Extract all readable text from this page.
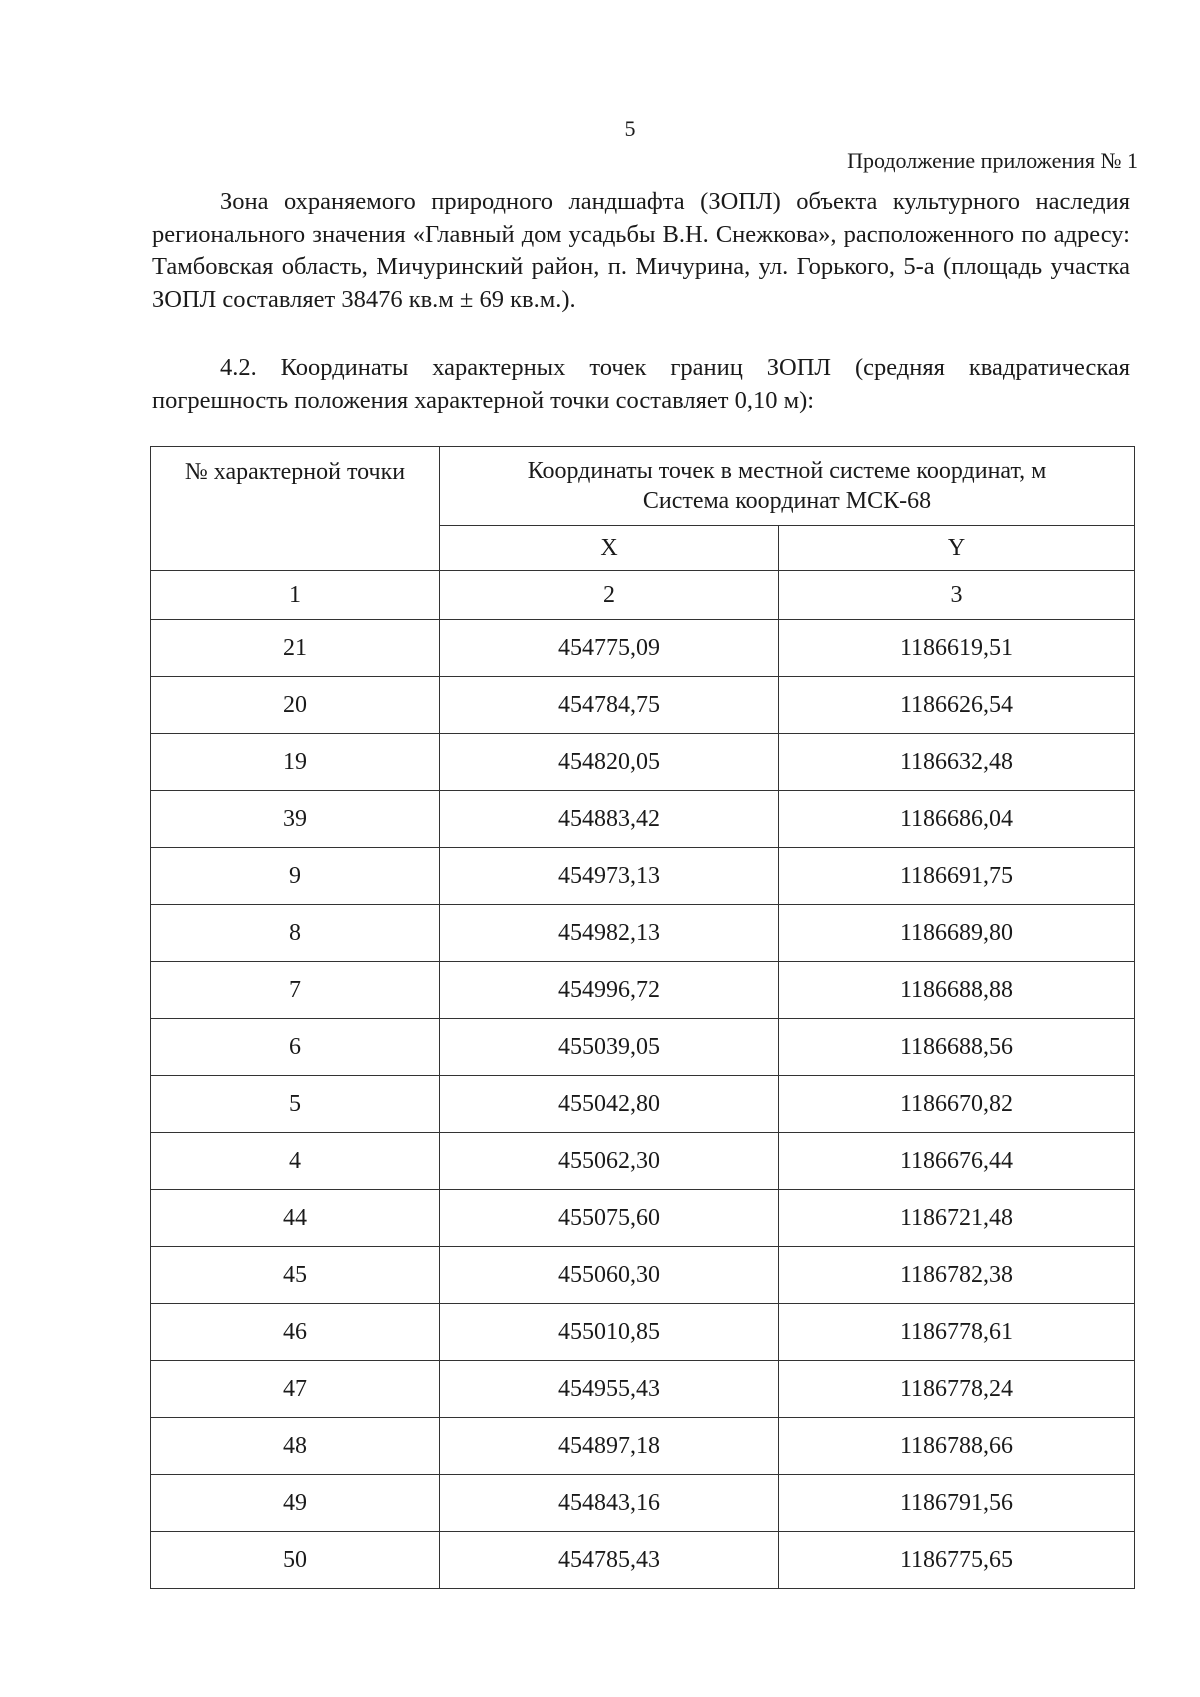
5
Продолжение приложения № 1
Зона охраняемого природного ландшафта (ЗОПЛ) объекта культурного наследия регионального значения «Главный дом усадьбы В.Н. Снежкова», расположенного по адресу: Тамбовская область, Мичуринский район, п. Мичурина, ул. Горького, 5-а (площадь участка ЗОПЛ составляет 38476 кв.м ± 69 кв.м.).
4.2. Координаты характерных точек границ ЗОПЛ (средняя квадратическая погрешность положения характерной точки составляет 0,10 м):
№ характерной точки	Координаты точек в местной системе координат, м
Система координат МСК-68	

	X	Y
1	2	3
21	454775,09	1186619,51
20	454784,75	1186626,54
19	454820,05	1186632,48
39	454883,42	1186686,04
9	454973,13	1186691,75
8	454982,13	1186689,80
7	454996,72	1186688,88
6	455039,05	1186688,56
5	455042,80	1186670,82
4	455062,30	1186676,44
44	455075,60	1186721,48
45	455060,30	1186782,38
46	455010,85	1186778,61
47	454955,43	1186778,24
48	454897,18	1186788,66
49	454843,16	1186791,56
50	454785,43	1186775,65
